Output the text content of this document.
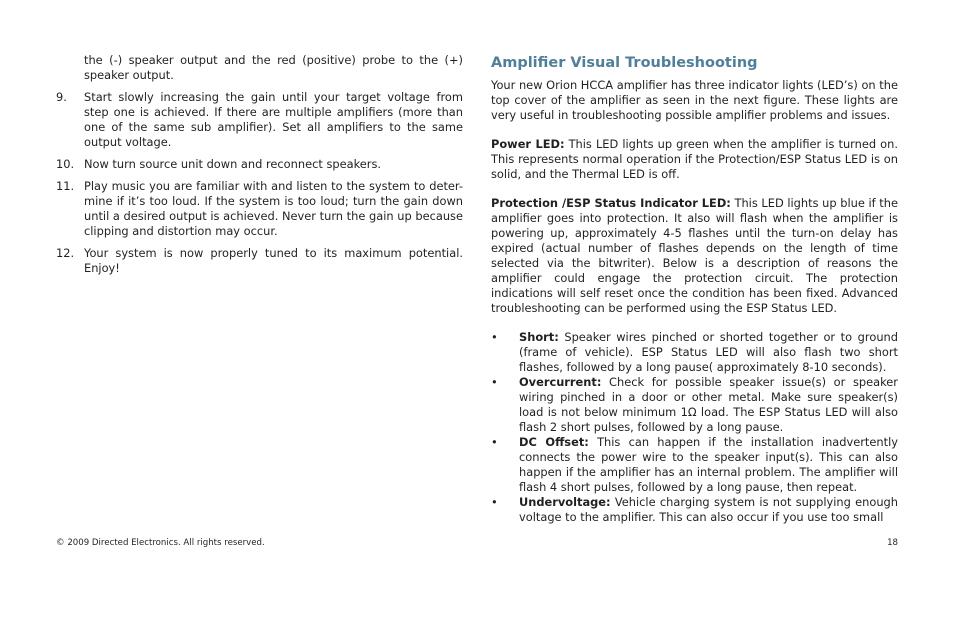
the (-) speaker output and the red (positive) probe to the (+) speaker output.

9. Start slowly increasing the gain until your target voltage from step one is achieved. If there are multiple amplifiers (more than one of the same sub amplifier). Set all amplifiers to the same output voltage.
10. Now turn source unit down and reconnect speakers.
11. Play music you are familiar with and listen to the system to deter-mine if it’s too loud. If the system is too loud; turn the gain down until a desired output is achieved. Never turn the gain up because clipping and distortion may occur.
12. Your system is now properly tuned to its maximum potential. Enjoy!
Amplifier Visual Troubleshooting

Your new Orion HCCA amplifier has three indicator lights (LED’s) on the top cover of the amplifier as seen in the next figure. These lights are very useful in troubleshooting possible amplifier problems and issues.

Power LED: This LED lights up green when the amplifier is turned on. This represents normal operation if the Protection/ESP Status LED is on solid, and the Thermal LED is off.

Protection /ESP Status Indicator LED: This LED lights up blue if the amplifier goes into protection. It also will flash when the amplifier is powering up, approximately 4-5 flashes until the turn-on delay has expired (actual number of flashes depends on the length of time selected via the bitwriter). Below is a description of reasons the amplifier could engage the protection circuit. The protection indications will self reset once the condition has been fixed. Advanced troubleshooting can be performed using the ESP Status LED.

• Short: Speaker wires pinched or shorted together or to ground (frame of vehicle). ESP Status LED will also flash two short flashes, followed by a long pause( approximately 8-10 seconds).
• Overcurrent: Check for possible speaker issue(s) or speaker wiring pinched in a door or other metal. Make sure speaker(s) load is not below minimum 1Ω load. The ESP Status LED will also flash 2 short pulses, followed by a long pause.
• DC Offset: This can happen if the installation inadvertently connects the power wire to the speaker input(s). This can also happen if the amplifier has an internal problem. The amplifier will flash 4 short pulses, followed by a long pause, then repeat.
• Undervoltage: Vehicle charging system is not supplying enough voltage to the amplifier. This can also occur if you use too small
© 2009 Directed Electronics. All rights reserved.	18
